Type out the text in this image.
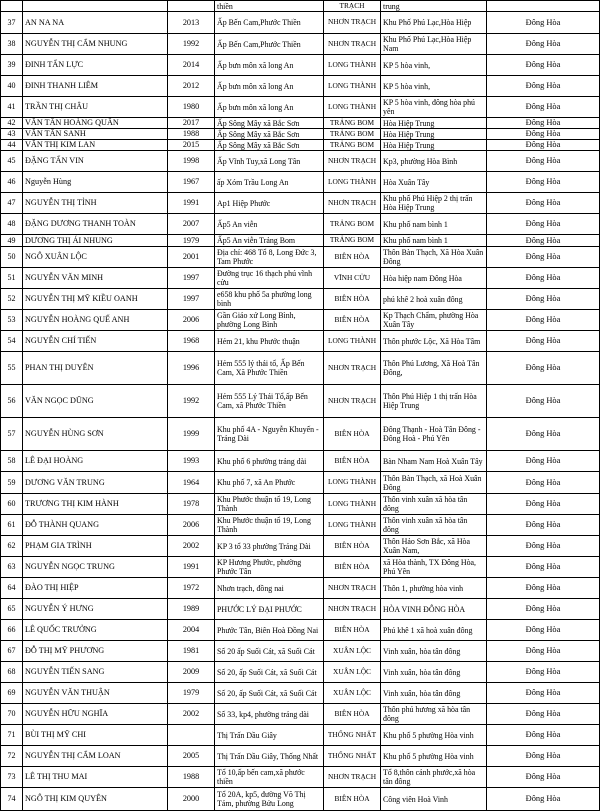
			thiền	TRẠCH	trung	
37	AN NA NA	2013	Ấp Bến Cam,Phước Thiền	NHƠN TRẠCH	Khu Phố Phú Lạc,Hòa Hiệp	Đông Hòa
38	NGUYỄN THỊ CẨM NHUNG	1992	Ấp Bến Cam,Phước Thiền	NHƠN TRẠCH	Khu Phố Phú Lạc,Hòa Hiệp Nam	Đông Hòa
39	ĐINH TẤN LỰC	2014	Ấp bưn môn xã long An	LONG THÀNH	KP 5 hòa vinh,	Đông Hòa
40	ĐINH THANH LIÊM	2012	Ấp bưn môn xã long An	LONG THÀNH	KP 5 hòa vinh,	Đông Hòa
41	TRẦN THỊ CHÂU	1980	Ấp bưn môn xã long An	LONG THÀNH	KP 5 hòa vinh, đông hòa phú yên	Đông Hòa
42	VĂN TẤN HOÀNG QUÂN	2017	Ấp Sông Mây xã Bắc Sơn	TRẢNG BOM	Hòa Hiệp Trung	Đông Hòa
43	VĂN TẤN SANH	1988	Ấp Sông Mây xã Bắc Sơn	TRẢNG BOM	Hòa Hiệp Trung	Đông Hòa
44	VĂN THỊ KIM LAN	2015	Ấp Sông Mây xã Bắc Sơn	TRẢNG BOM	Hòa Hiệp Trung	Đông Hòa
45	ĐẶNG TẤN VIN	1998	Ấp Vĩnh Tuy,xã Long Tân	NHƠN TRẠCH	Kp3, phường Hòa Bình	Đông Hòa
46	Nguyễn Hùng	1967	ấp Xóm Trầu Long An	LONG THÀNH	Hòa Xuân Tây	Đông Hòa
47	NGUYỄN THỊ TỈNH	1991	Ap1 Hiệp Phước	NHƠN TRẠCH	Khu phố Phú Hiệp 2 thị trấn Hòa Hiệp Trung	Đông Hòa
48	ĐẶNG DƯƠNG THANH TOÀN	2007	Ấp5 An viễn	TRẢNG BOM	Khu phố nam bình 1	Đông Hòa
49	DƯƠNG THỊ ÁI NHUNG	1979	Ấp5 An viễn Trảng Bom	TRẢNG BOM	Khu phố nam bình 1	Đông Hòa
50	NGÔ XUÂN LỘC	2001	Địa chỉ: 468 Tổ 8, Long Đức 3, Tam Phước	BIÊN HÒA	Thôn Bàn Thạch, Xã Hòa Xuân Đông	Đông Hòa
51	NGUYỄN VĂN MINH	1997	Đường trục 16 thạch phú vĩnh cửu	VĨNH CỬU	Hòa hiệp nam Đông Hòa	Đông Hòa
52	NGUYỄN THỊ MỸ KIỀU OANH	1997	e658 khu phố 5a phường long bình	BIÊN HÒA	phú khê 2 hoà xuân đông	Đông Hòa
53	NGUYỄN HOÀNG QUẾ ANH	2006	Gần Giáo xứ Long Bình, phường Long Bình	BIÊN HÒA	Kp Thạch Chẩm, phường Hòa Xuân Tây	Đông Hòa
54	NGUYỄN CHÍ TIẾN	1968	Hẻm 21, khu Phước thuận	LONG THÀNH	Thôn phước Lộc, Xã Hòa Tâm	Đông Hòa
55	PHAN THỊ DUYÊN	1996	Hẻm 555 lý thái tổ, Ấp Bến Cam, Xã Phước Thiền	NHƠN TRẠCH	Thôn Phú Lương, Xã Hoà Tân Đông,	Đông Hòa
56	VĂN NGỌC DŨNG	1992	Hẻm 555 Lý Thái Tổ,ấp Bến Cam, xã Phước Thiền	NHƠN TRẠCH	Thôn Phú Hiệp 1 thị trấn Hòa Hiệp Trung	Đông Hòa
57	NGUYỄN HÙNG SƠN	1999	Khu phố 4A - Nguyễn Khuyến - Trảng Dài	BIÊN HÒA	Đông Thạnh - Hoà Tân Đông - Đông Hoà - Phú Yên	Đông Hòa
58	LÊ ĐẠI HOÀNG	1993	Khu phố 6 phường trảng dài	BIÊN HÒA	Bàn Nham Nam Hoà Xuân Tây	Đông Hòa
59	DƯƠNG VĂN TRUNG	1964	Khu phố 7, xã An Phước	LONG THÀNH	Thôn Bàn Thạch, xã Hoà Xuân Đông	Đông Hòa
60	TRƯƠNG THỊ KIM HÀNH	1978	Khu Phước thuận tổ 19, Long Thành	LONG THÀNH	Thôn vinh xuân xã hòa tân đông	Đông Hòa
61	ĐỖ THÀNH QUANG	2006	Khu Phước thuận tổ 19, Long Thành	LONG THÀNH	Thôn vinh xuân xã hòa tân đông	Đông Hòa
62	PHẠM GIA TRÌNH	2002	KP 3 tổ 33 phường Trảng Dài	BIÊN HÒA	Thôn Hảo Sơn Bắc, xã Hòa Xuân Nam,	Đông Hòa
63	NGUYỄN NGỌC TRUNG	1991	KP Hương Phước, phường Phước Tân	BIÊN HÒA	xã Hòa thành, TX Đông Hòa, Phú Yên	Đông Hòa
64	ĐÀO THỊ HIỆP	1972	Nhơn trạch, đồng nai	NHƠN TRẠCH	Thôn 1, phường hòa vinh	Đông Hòa
65	NGUYỄN Ý HƯNG	1989	PHƯỚC LÝ ĐẠI PHƯỚC	NHƠN TRẠCH	HÒA VINH ĐÔNG HÒA	Đông Hòa
66	LÊ QUỐC TRƯỞNG	2004	Phước Tân, Biên Hoà Đồng Nai	BIÊN HÒA	Phú khê 1 xã hoà xuân đông	Đông Hòa
67	ĐỖ THỊ MỸ PHƯƠNG	1981	Số 20 ấp Suối Cát, xã Suối Cát	XUÂN LỘC	Vinh xuân, hòa tân đông	Đông Hòa
68	NGUYỄN TIẾN SANG	2009	Số 20, ấp Suối Cát, xã Suối Cát	XUÂN LỘC	Vinh xuân, hòa tân đông	Đông Hòa
69	NGUYỄN VĂN THUẬN	1979	Số 20, ấp Suối Cát, xã Suối Cát	XUÂN LỘC	Vinh xuân, hòa tân đông	Đông Hòa
70	NGUYỄN HỮU NGHĨA	2002	Số 33, kp4, phường trảng dài	BIÊN HÒA	Thôn phú hương xã hòa tân đông	Đông Hòa
71	BÙI THỊ MỸ CHI		Thị Trấn Dầu Giây	THỐNG NHẤT	Khu phố 5 phường Hòa vinh	Đông Hòa
72	NGUYỄN THỊ CẨM LOAN	2005	Thị Trấn Dầu Giây, Thống Nhất	THỐNG NHẤT	Khu phố 5 phường Hòa vinh	Đông Hòa
73	LÊ THỊ THU MAI	1988	Tổ 10,ấp bến cam,xã phước thiền	NHƠN TRẠCH	Tổ 8,thôn cảnh phước,xã hòa tân đông	Đông Hòa
74	NGÔ THỊ KIM QUYÊN	2000	Tổ 20A, kp5, đường Võ Thị Tám, phường Bửu Long	BIÊN HÒA	Công viên Hoà Vinh	Đông Hòa
